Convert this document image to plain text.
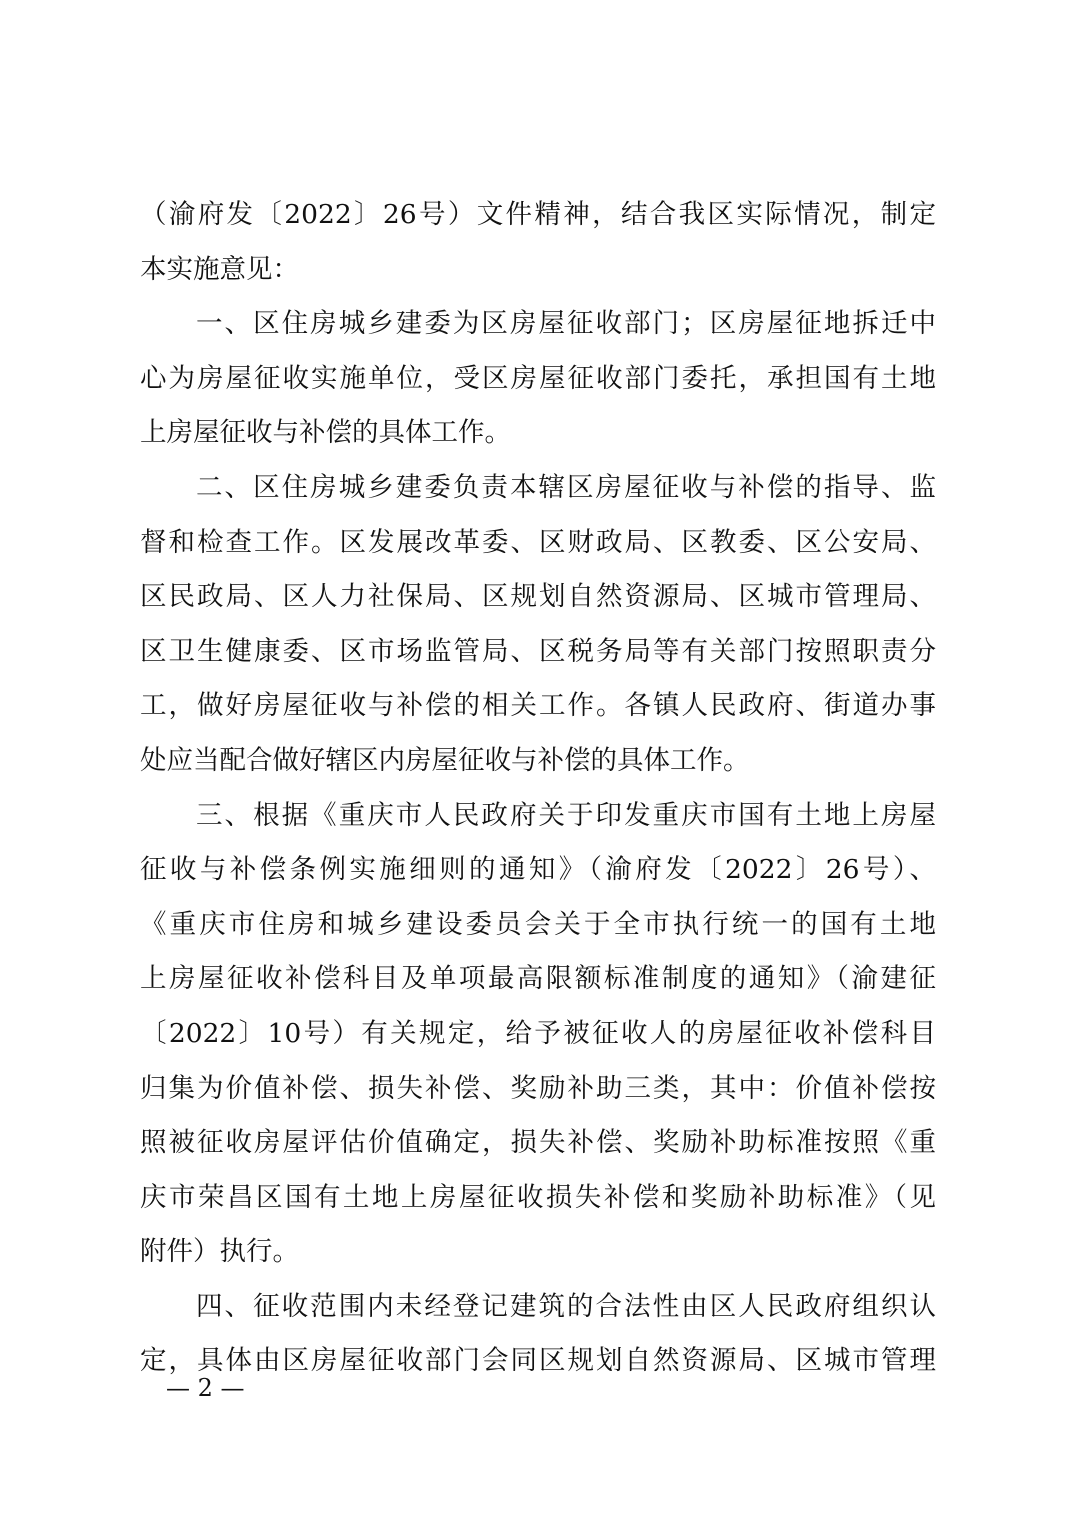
（渝府发〔2022〕26号）文件精神，结合我区实际情况，制定
本实施意见：
一、区住房城乡建委为区房屋征收部门；区房屋征地拆迁中
心为房屋征收实施单位，受区房屋征收部门委托，承担国有土地
上房屋征收与补偿的具体工作。
二、区住房城乡建委负责本辖区房屋征收与补偿的指导、监
督和检查工作。区发展改革委、区财政局、区教委、区公安局、
区民政局、区人力社保局、区规划自然资源局、区城市管理局、
区卫生健康委、区市场监管局、区税务局等有关部门按照职责分
工，做好房屋征收与补偿的相关工作。各镇人民政府、街道办事
处应当配合做好辖区内房屋征收与补偿的具体工作。
三、根据《重庆市人民政府关于印发重庆市国有土地上房屋
征收与补偿条例实施细则的通知》（渝府发〔2022〕26号）、
《重庆市住房和城乡建设委员会关于全市执行统一的国有土地
上房屋征收补偿科目及单项最高限额标准制度的通知》（渝建征
〔2022〕10号）有关规定，给予被征收人的房屋征收补偿科目
归集为价值补偿、损失补偿、奖励补助三类，其中：价值补偿按
照被征收房屋评估价值确定，损失补偿、奖励补助标准按照《重
庆市荣昌区国有土地上房屋征收损失补偿和奖励补助标准》（见
附件）执行。
四、征收范围内未经登记建筑的合法性由区人民政府组织认
定，具体由区房屋征收部门会同区规划自然资源局、区城市管理
— 2 —
